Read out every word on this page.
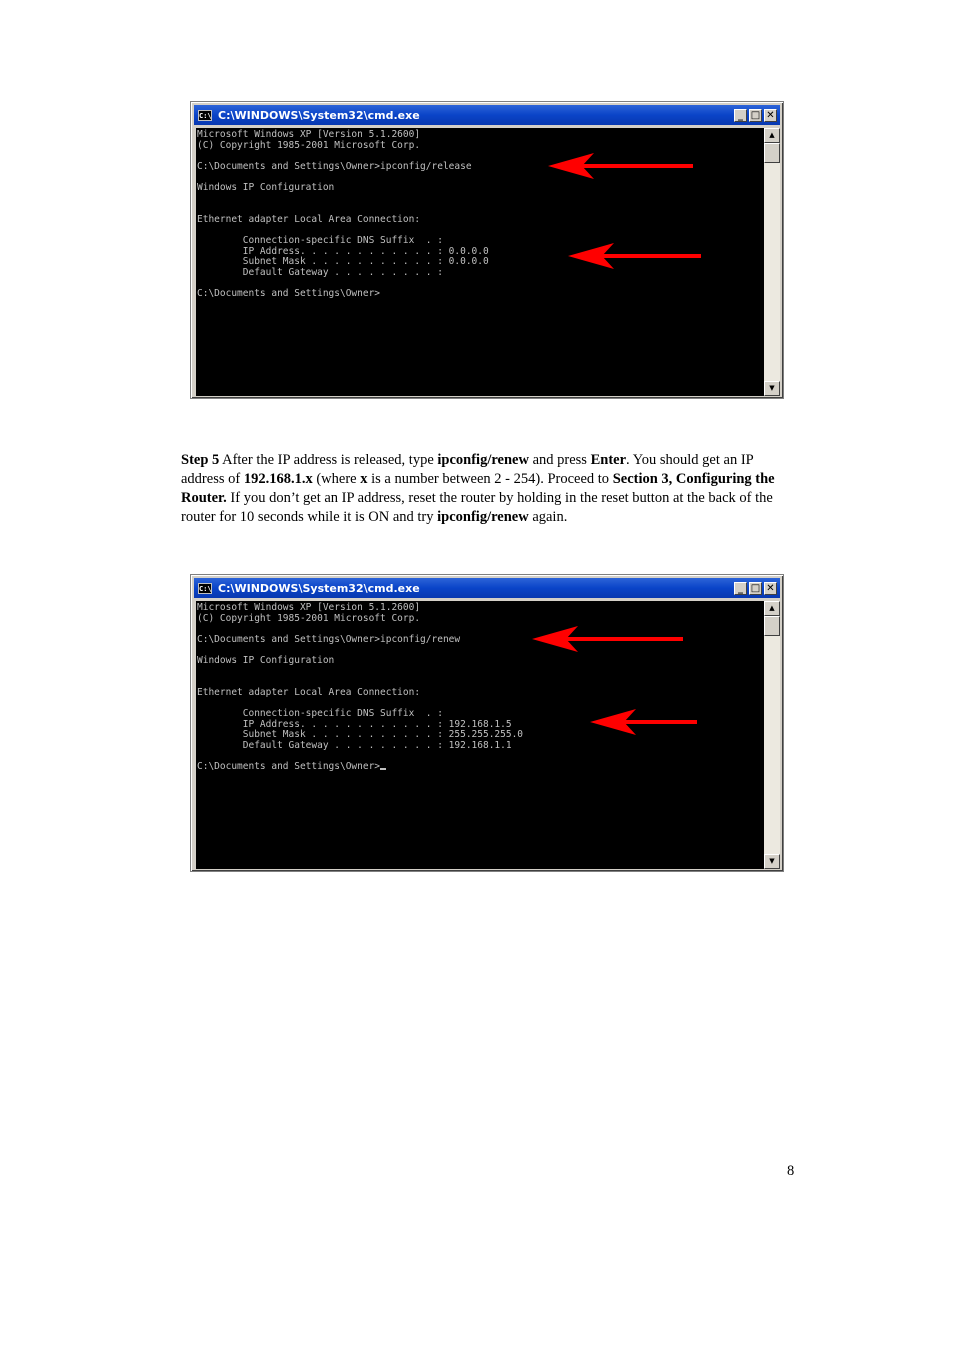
C:\ C:\WINDOWS\System32\cmd.exe	_ □ ✕
Microsoft Windows XP [Version 5.1.2600]
(C) Copyright 1985-2001 Microsoft Corp.

C:\Documents and Settings\Owner>ipconfig/release

Windows IP Configuration

Ethernet adapter Local Area Connection:

Connection-specific DNS Suffix  . :
IP Address. . . . . . . . . . . . : 0.0.0.0
Subnet Mask . . . . . . . . . . . : 0.0.0.0
Default Gateway . . . . . . . . . :

C:\Documents and Settings\Owner>
▲
▼
C:\ C:\WINDOWS\System32\cmd.exe	_ □ ✕
Microsoft Windows XP [Version 5.1.2600]
(C) Copyright 1985-2001 Microsoft Corp.

C:\Documents and Settings\Owner>ipconfig/renew

Windows IP Configuration

Ethernet adapter Local Area Connection:

Connection-specific DNS Suffix  . :
IP Address. . . . . . . . . . . . : 192.168.1.5
Subnet Mask . . . . . . . . . . . : 255.255.255.0
Default Gateway . . . . . . . . . : 192.168.1.1

C:\Documents and Settings\Owner>
▲
▼
Step 5 After the IP address is released, type ipconfig/renew and press Enter. You should get an IP address of 192.168.1.x (where x is a number between 2 - 254). Proceed to Section 3, Configuring the Router. If you don’t get an IP address, reset the router by holding in the reset button at the back of the router for 10 seconds while it is ON and try ipconfig/renew again.
8
